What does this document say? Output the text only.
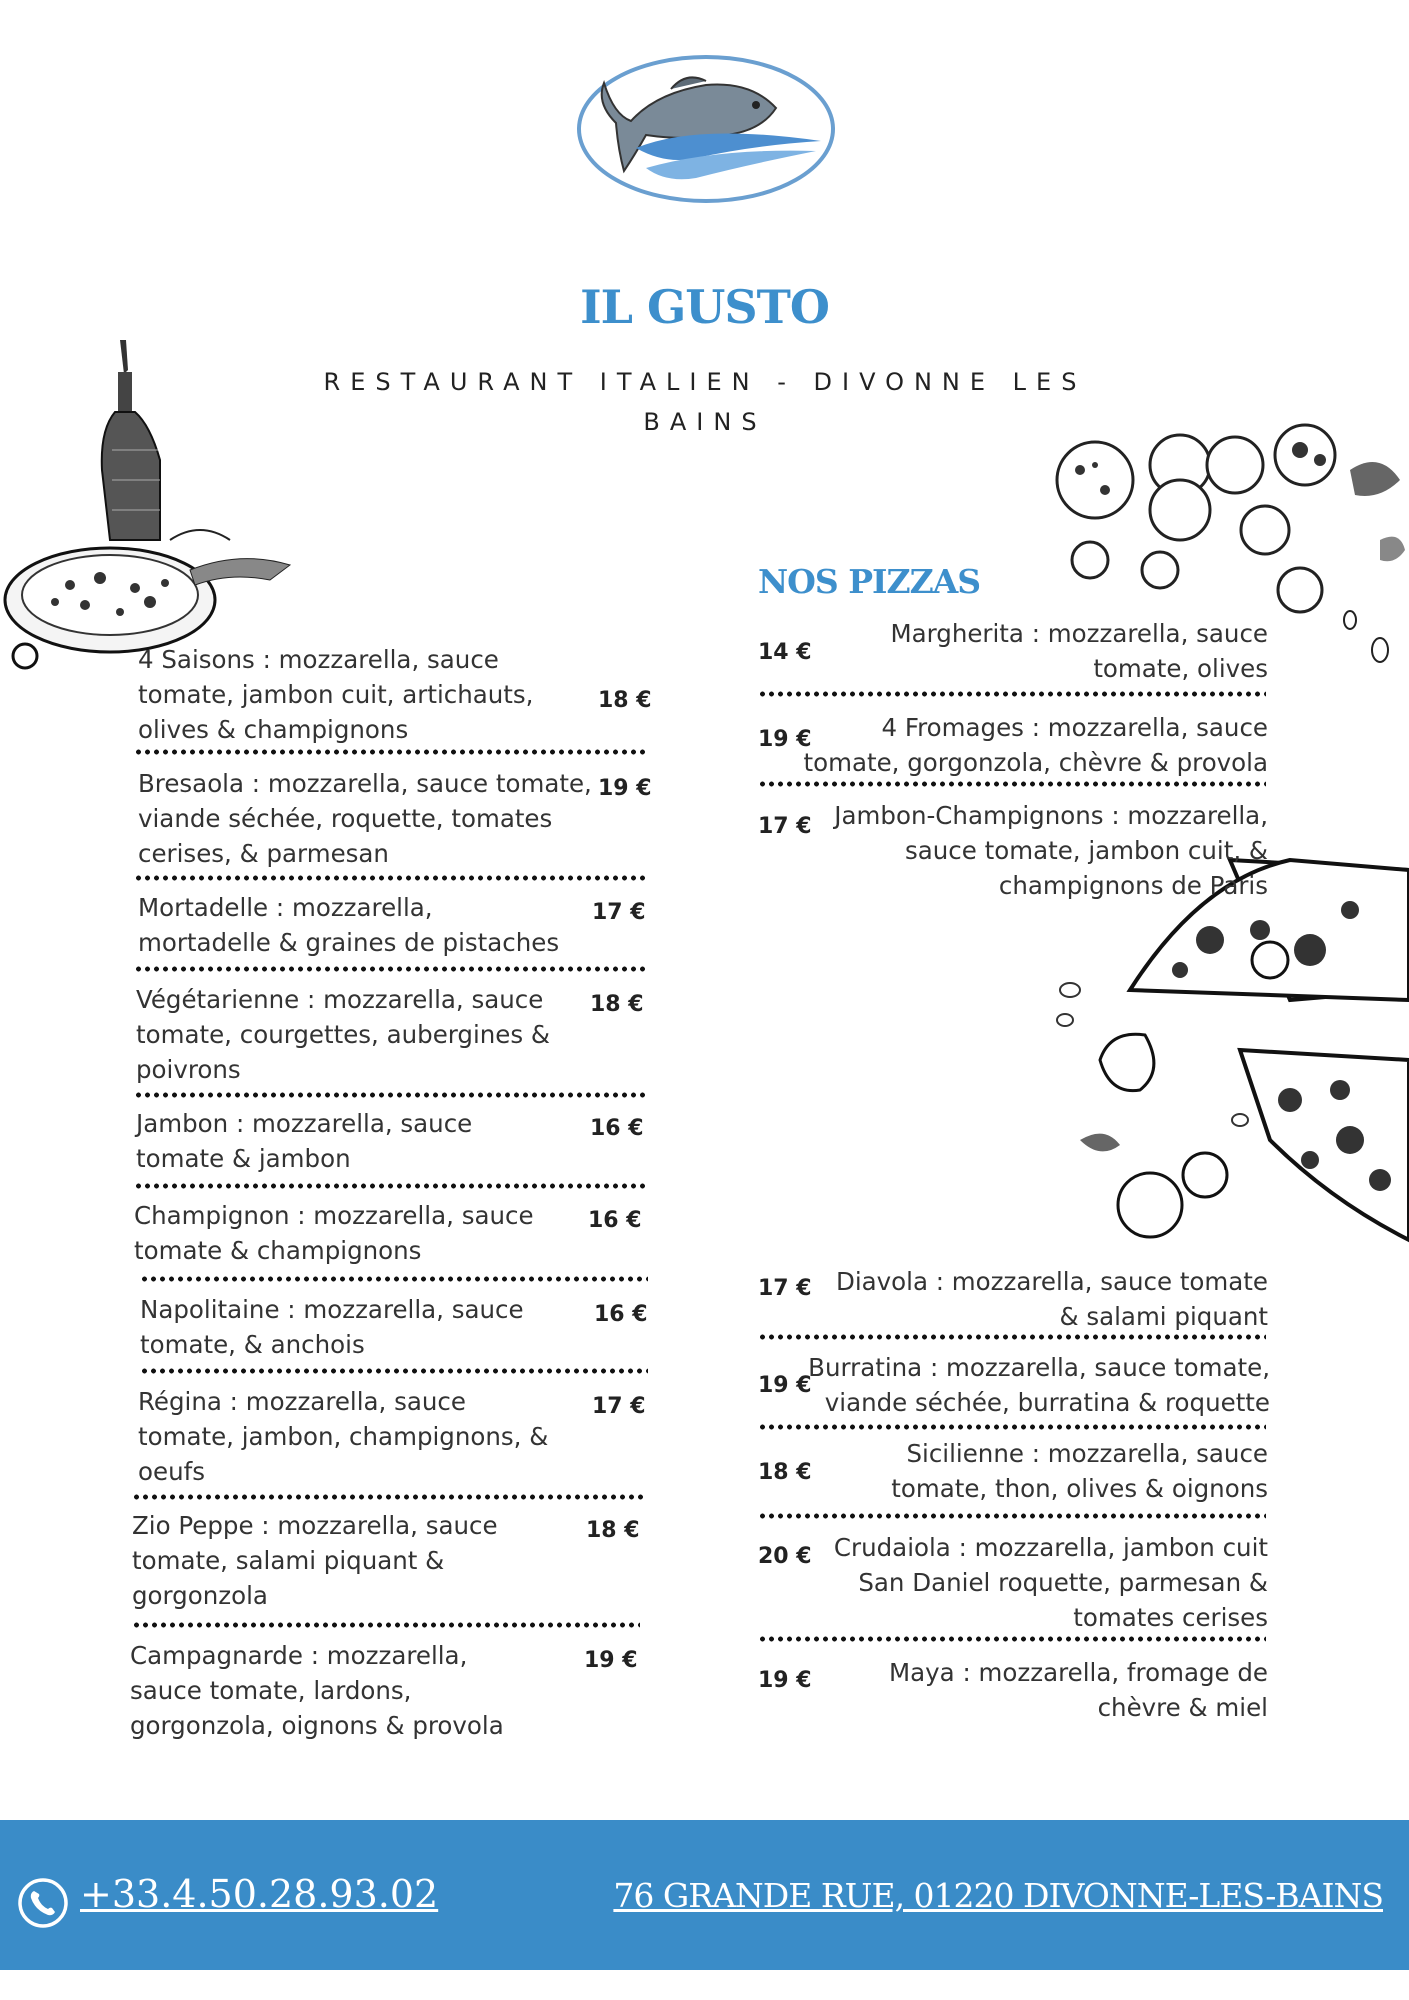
IL GUSTO
RESTAURANT ITALIEN - DIVONNE LES BAINS
NOS PIZZAS
4 Saisons : mozzarella, sauce
tomate, jambon cuit, artichauts,
olives & champignons
18 €
Bresaola : mozzarella, sauce tomate,
viande séchée, roquette, tomates
cerises, & parmesan
19 €
Mortadelle : mozzarella,
mortadelle & graines de pistaches
17 €
Végétarienne : mozzarella, sauce
tomate, courgettes, aubergines &
poivrons
18 €
Jambon : mozzarella, sauce
tomate & jambon
16 €
Champignon : mozzarella, sauce
tomate & champignons
16 €
Napolitaine : mozzarella, sauce
tomate, & anchois
16 €
Régina : mozzarella, sauce
tomate, jambon, champignons, &
oeufs
17 €
Zio Peppe : mozzarella, sauce
tomate, salami piquant &
gorgonzola
18 €
Campagnarde : mozzarella,
sauce tomate, lardons,
gorgonzola, oignons & provola
19 €
Margherita : mozzarella, sauce
tomate, olives
14 €
4 Fromages : mozzarella, sauce
tomate, gorgonzola, chèvre & provola
19 €
Jambon-Champignons : mozzarella,
sauce tomate, jambon cuit, &
champignons de Paris
17 €
Diavola : mozzarella, sauce tomate
& salami piquant
17 €
Burratina : mozzarella, sauce tomate,
viande séchée, burratina & roquette
19 €
Sicilienne : mozzarella, sauce
tomate, thon, olives & oignons
18 €
Crudaiola : mozzarella, jambon cuit
San Daniel roquette, parmesan &
tomates cerises
20 €
Maya : mozzarella, fromage de
chèvre & miel
19 €
+33.4.50.28.93.02	76 GRANDE RUE, 01220 DIVONNE-LES-BAINS
